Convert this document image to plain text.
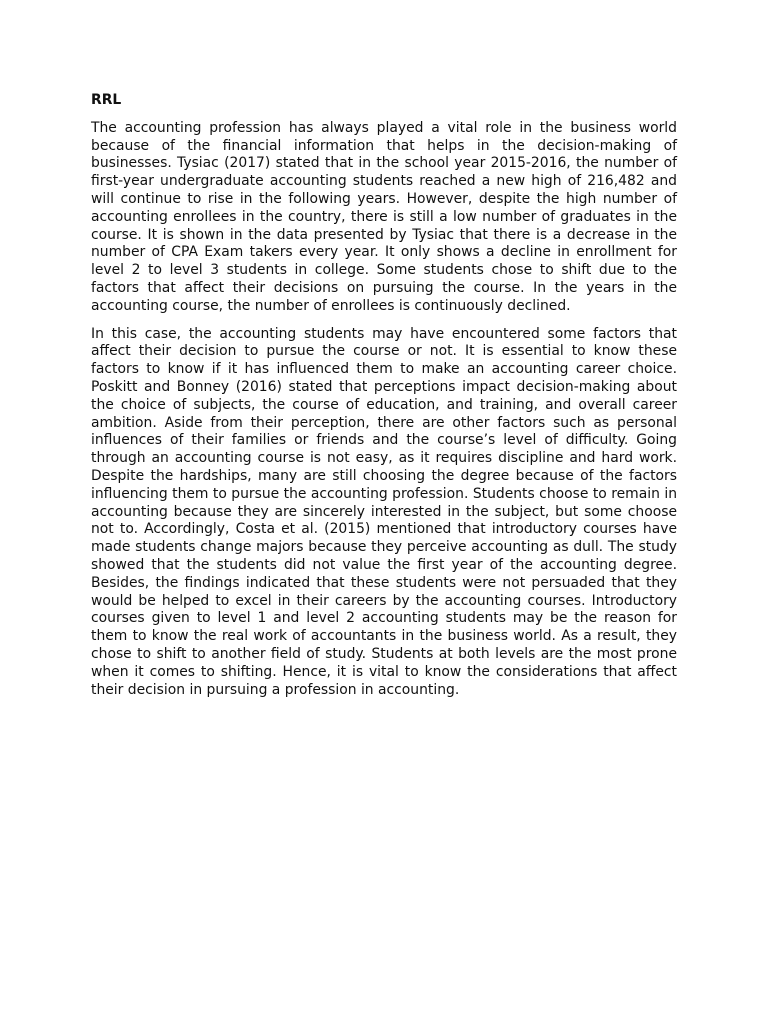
RRL

The accounting profession has always played a vital role in the business world because of the financial information that helps in the decision-making of businesses. Tysiac (2017) stated that in the school year 2015-2016, the number of first-year undergraduate accounting students reached a new high of 216,482 and will continue to rise in the following years. However, despite the high number of accounting enrollees in the country, there is still a low number of graduates in the course. It is shown in the data presented by Tysiac that there is a decrease in the number of CPA Exam takers every year. It only shows a decline in enrollment for level 2 to level 3 students in college. Some students chose to shift due to the factors that affect their decisions on pursuing the course. In the years in the accounting course, the number of enrollees is continuously declined.

In this case, the accounting students may have encountered some factors that affect their decision to pursue the course or not. It is essential to know these factors to know if it has influenced them to make an accounting career choice. Poskitt and Bonney (2016) stated that perceptions impact decision-making about the choice of subjects, the course of education, and training, and overall career ambition. Aside from their perception, there are other factors such as personal influences of their families or friends and the course’s level of difficulty. Going through an accounting course is not easy, as it requires discipline and hard work. Despite the hardships, many are still choosing the degree because of the factors influencing them to pursue the accounting profession. Students choose to remain in accounting because they are sincerely interested in the subject, but some choose not to. Accordingly, Costa et al. (2015) mentioned that introductory courses have made students change majors because they perceive accounting as dull. The study showed that the students did not value the first year of the accounting degree. Besides, the findings indicated that these students were not persuaded that they would be helped to excel in their careers by the accounting courses. Introductory courses given to level 1 and level 2 accounting students may be the reason for them to know the real work of accountants in the business world. As a result, they chose to shift to another field of study. Students at both levels are the most prone when it comes to shifting. Hence, it is vital to know the considerations that affect their decision in pursuing a profession in accounting.
